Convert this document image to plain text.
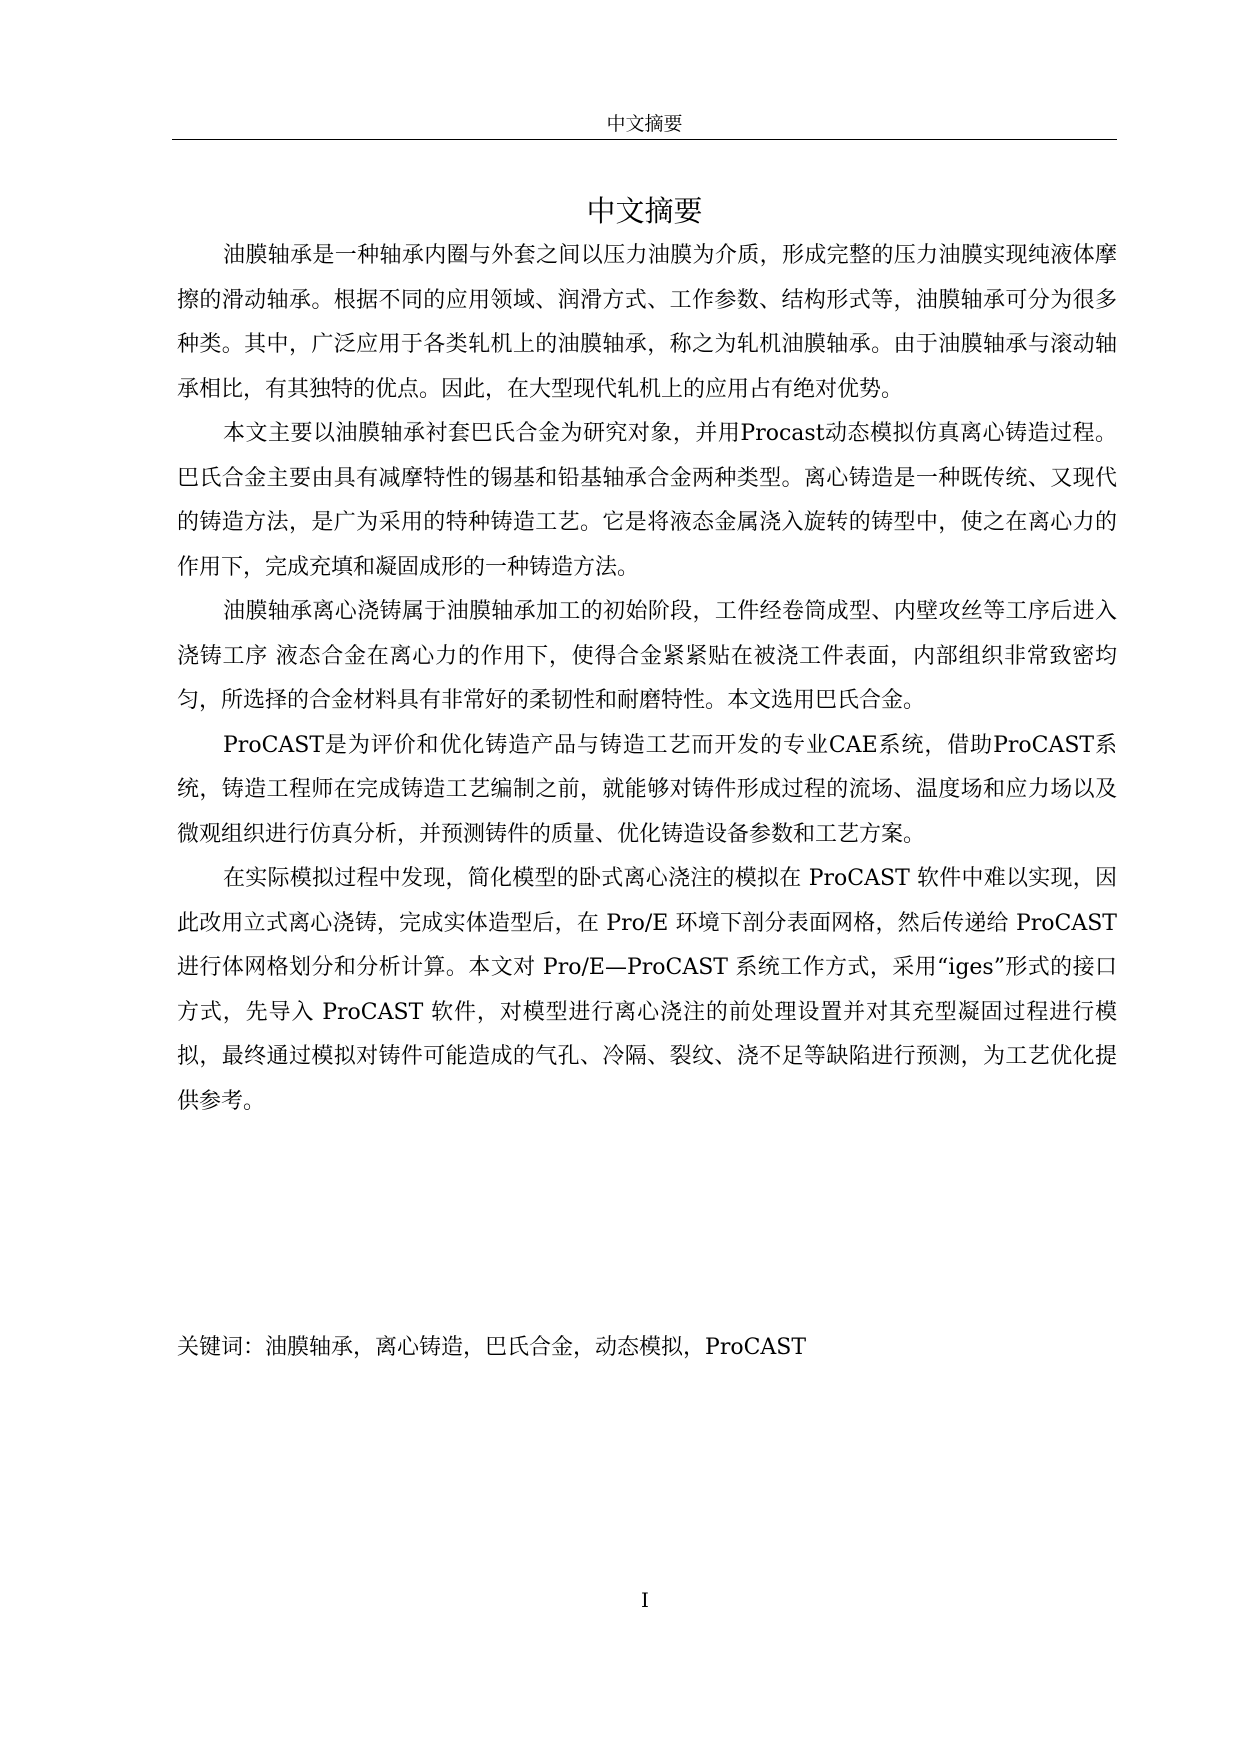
中文摘要
中文摘要

油膜轴承是一种轴承内圈与外套之间以压力油膜为介质，形成完整的压力油膜实现纯液体摩擦的滑动轴承。根据不同的应用领域、润滑方式、工作参数、结构形式等，油膜轴承可分为很多种类。其中，广泛应用于各类轧机上的油膜轴承，称之为轧机油膜轴承。由于油膜轴承与滚动轴承相比，有其独特的优点。因此，在大型现代轧机上的应用占有绝对优势。

本文主要以油膜轴承衬套巴氏合金为研究对象，并用Procast动态模拟仿真离心铸造过程。巴氏合金主要由具有减摩特性的锡基和铅基轴承合金两种类型。离心铸造是一种既传统、又现代的铸造方法，是广为采用的特种铸造工艺。它是将液态金属浇入旋转的铸型中，使之在离心力的作用下，完成充填和凝固成形的一种铸造方法。

油膜轴承离心浇铸属于油膜轴承加工的初始阶段，工件经卷筒成型、内壁攻丝等工序后进入浇铸工序 液态合金在离心力的作用下，使得合金紧紧贴在被浇工件表面，内部组织非常致密均匀，所选择的合金材料具有非常好的柔韧性和耐磨特性。本文选用巴氏合金。

ProCAST是为评价和优化铸造产品与铸造工艺而开发的专业CAE系统，借助ProCAST系统，铸造工程师在完成铸造工艺编制之前，就能够对铸件形成过程的流场、温度场和应力场以及微观组织进行仿真分析，并预测铸件的质量、优化铸造设备参数和工艺方案。

在实际模拟过程中发现，简化模型的卧式离心浇注的模拟在 ProCAST 软件中难以实现，因此改用立式离心浇铸，完成实体造型后，在 Pro/E 环境下剖分表面网格，然后传递给 ProCAST 进行体网格划分和分析计算。本文对 Pro/E—ProCAST 系统工作方式，采用“iges”形式的接口方式，先导入 ProCAST 软件，对模型进行离心浇注的前处理设置并对其充型凝固过程进行模拟，最终通过模拟对铸件可能造成的气孔、冷隔、裂纹、浇不足等缺陷进行预测，为工艺优化提供参考。

关键词：油膜轴承，离心铸造，巴氏合金，动态模拟，ProCAST
I
